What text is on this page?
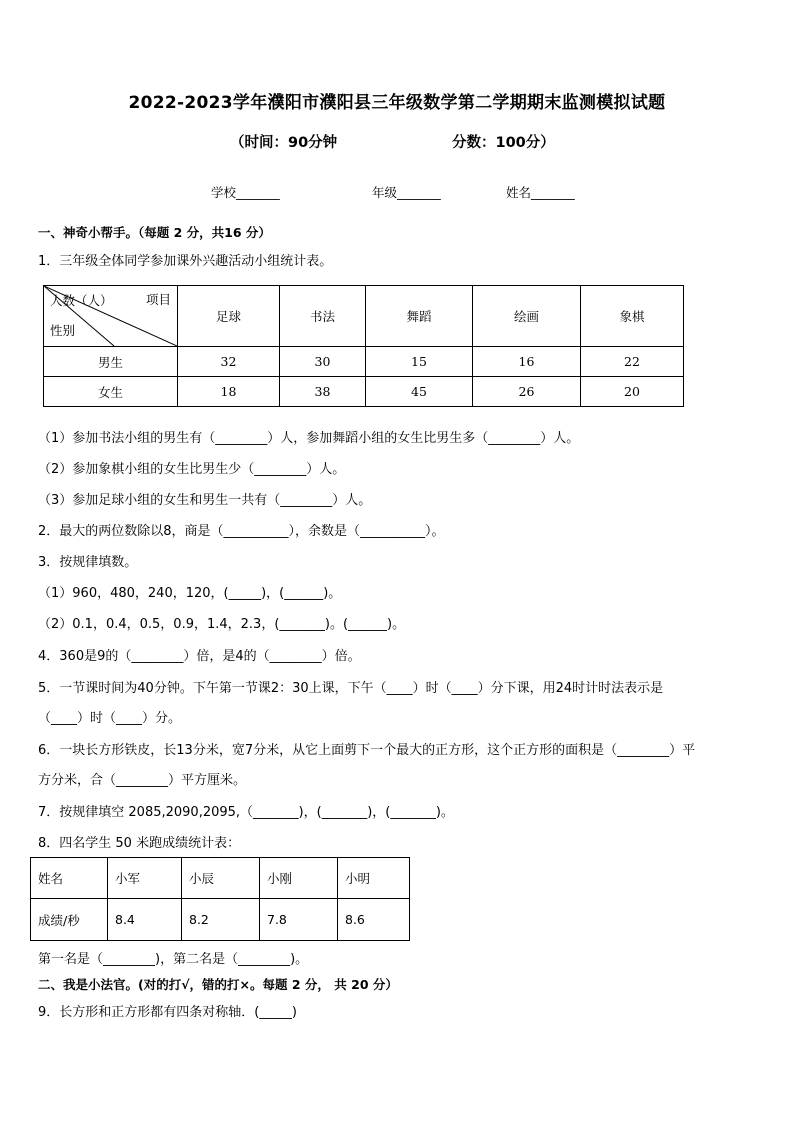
2022-2023学年濮阳市濮阳县三年级数学第二学期期末监测模拟试题
（时间：90分钟	分数：100分）
学校_______	年级_______	姓名_______
一、神奇小帮手。（每题 2 分，共16 分）
1．三年级全体同学参加课外兴趣活动小组统计表。
人数（人） 项目
性别	足球	书法	舞蹈	绘画	象棋
男生	32	30	15	16	22
女生	18	38	45	26	20
（1）参加书法小组的男生有（________）人，参加舞蹈小组的女生比男生多（________）人。
（2）参加象棋小组的女生比男生少（________）人。
（3）参加足球小组的女生和男生一共有（________）人。
2．最大的两位数除以8，商是（__________），余数是（__________）。
3．按规律填数。
（1）960，480，240，120，(_____)，(______)。
（2）0.1，0.4，0.5，0.9，1.4，2.3，(_______)。(______)。
4．360是9的（________）倍，是4的（________）倍。
5．一节课时间为40分钟。下午第一节课2：30上课，下午（____）时（____）分下课，用24时计时法表示是
（____）时（____）分。
6．一块长方形铁皮，长13分米，宽7分米，从它上面剪下一个最大的正方形，这个正方形的面积是（________）平
方分米，合（________）平方厘米。
7．按规律填空 2085,2090,2095,（_______)，(_______)，(_______)。
8．四名学生 50 米跑成绩统计表：
姓名	小军	小辰	小刚	小明
成绩/秒	8.4	8.2	7.8	8.6
第一名是（________)，第二名是（________)。
二、我是小法官。(对的打√，错的打×。每题 2 分， 共 20 分）
9．长方形和正方形都有四条对称轴．(_____)
